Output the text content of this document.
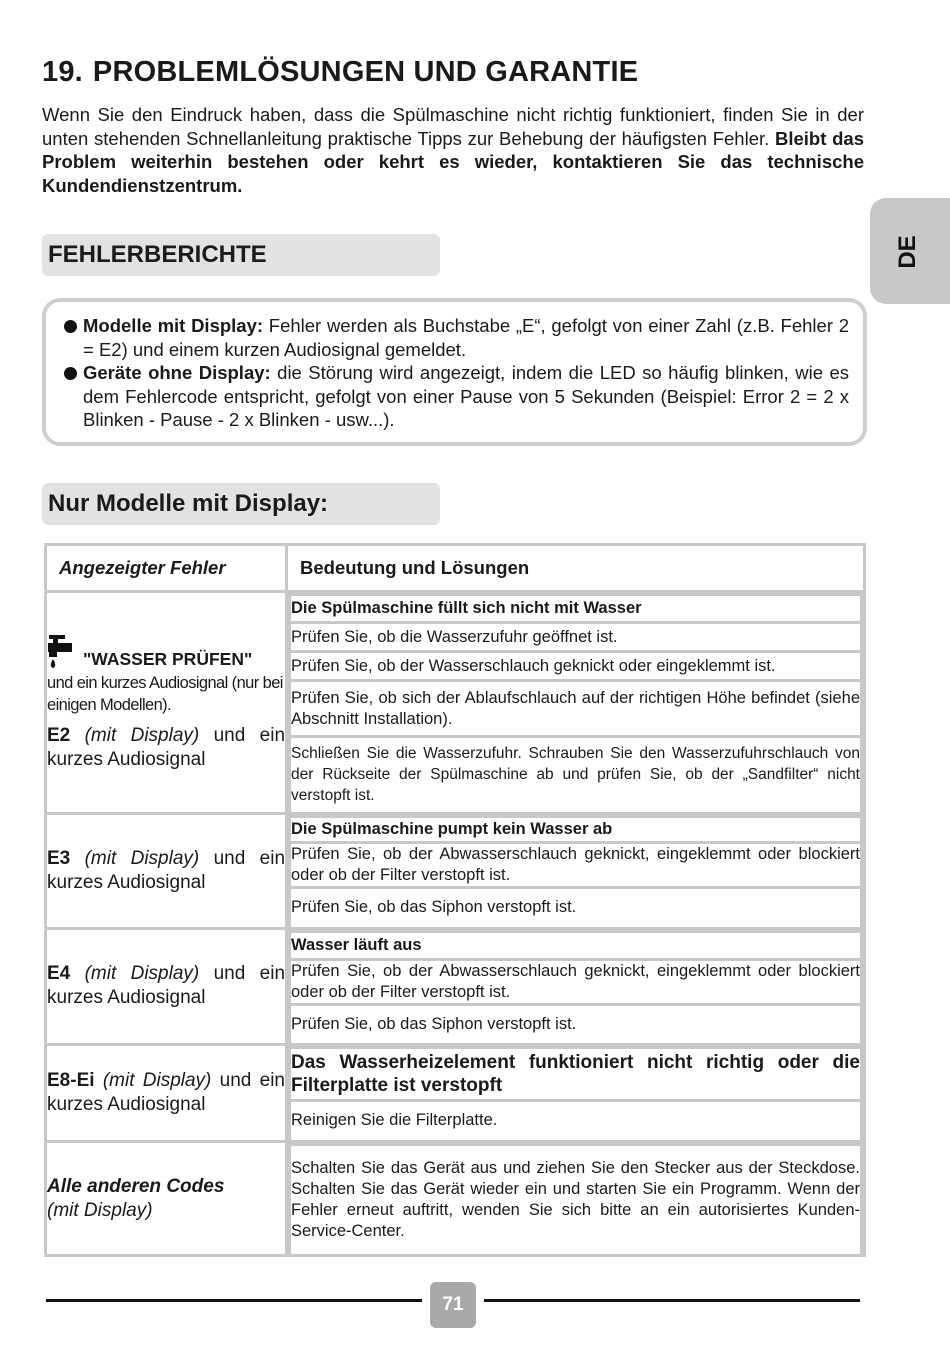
19. PROBLEMLÖSUNGEN UND GARANTIE
Wenn Sie den Eindruck haben, dass die Spülmaschine nicht richtig funktioniert, finden Sie in der unten stehenden Schnellanleitung praktische Tipps zur Behebung der häufigsten Fehler. Bleibt das Problem weiterhin bestehen oder kehrt es wieder, kontaktieren Sie das technische Kundendienstzentrum.
DE
FEHLERBERICHTE
Modelle mit Display: Fehler werden als Buchstabe „E“, gefolgt von einer Zahl (z.B. Fehler 2 = E2) und einem kurzen Audiosignal gemeldet.
Geräte ohne Display: die Störung wird angezeigt, indem die LED so häufig blinken, wie es dem Fehlercode entspricht, gefolgt von einer Pause von 5 Sekunden (Beispiel: Error 2 = 2 x Blinken - Pause - 2 x Blinken - usw...).
Nur Modelle mit Display:
Angezeigter Fehler	Bedeutung und Lösungen

"WASSER PRÜFEN"
und ein kurzes Audiosignal (nur bei einigen Modellen).
E2 (mit Display) und ein kurzes Audiosignal

Die Spülmaschine füllt sich nicht mit Wasser
Prüfen Sie, ob die Wasserzufuhr geöffnet ist.
Prüfen Sie, ob der Wasserschlauch geknickt oder eingeklemmt ist.
Prüfen Sie, ob sich der Ablaufschlauch auf der richtigen Höhe befindet (siehe Abschnitt Installation).
Schließen Sie die Wasserzufuhr. Schrauben Sie den Wasserzufuhrschlauch von der Rückseite der Spülmaschine ab und prüfen Sie, ob der „Sandfilter“ nicht verstopft ist.

E3 (mit Display) und ein kurzes Audiosignal

Die Spülmaschine pumpt kein Wasser ab
Prüfen Sie, ob der Abwasserschlauch geknickt, eingeklemmt oder blockiert oder ob der Filter verstopft ist.
Prüfen Sie, ob das Siphon verstopft ist.

E4 (mit Display) und ein kurzes Audiosignal

Wasser läuft aus
Prüfen Sie, ob der Abwasserschlauch geknickt, eingeklemmt oder blockiert oder ob der Filter verstopft ist.
Prüfen Sie, ob das Siphon verstopft ist.

E8-Ei (mit Display) und ein kurzes Audiosignal

Das Wasserheizelement funktioniert nicht richtig oder die Filterplatte ist verstopft
Reinigen Sie die Filterplatte.

Alle anderen Codes
(mit Display)

Schalten Sie das Gerät aus und ziehen Sie den Stecker aus der Steckdose. Schalten Sie das Gerät wieder ein und starten Sie ein Programm. Wenn der Fehler erneut auftritt, wenden Sie sich bitte an ein autorisiertes Kunden-Service-Center.
71
